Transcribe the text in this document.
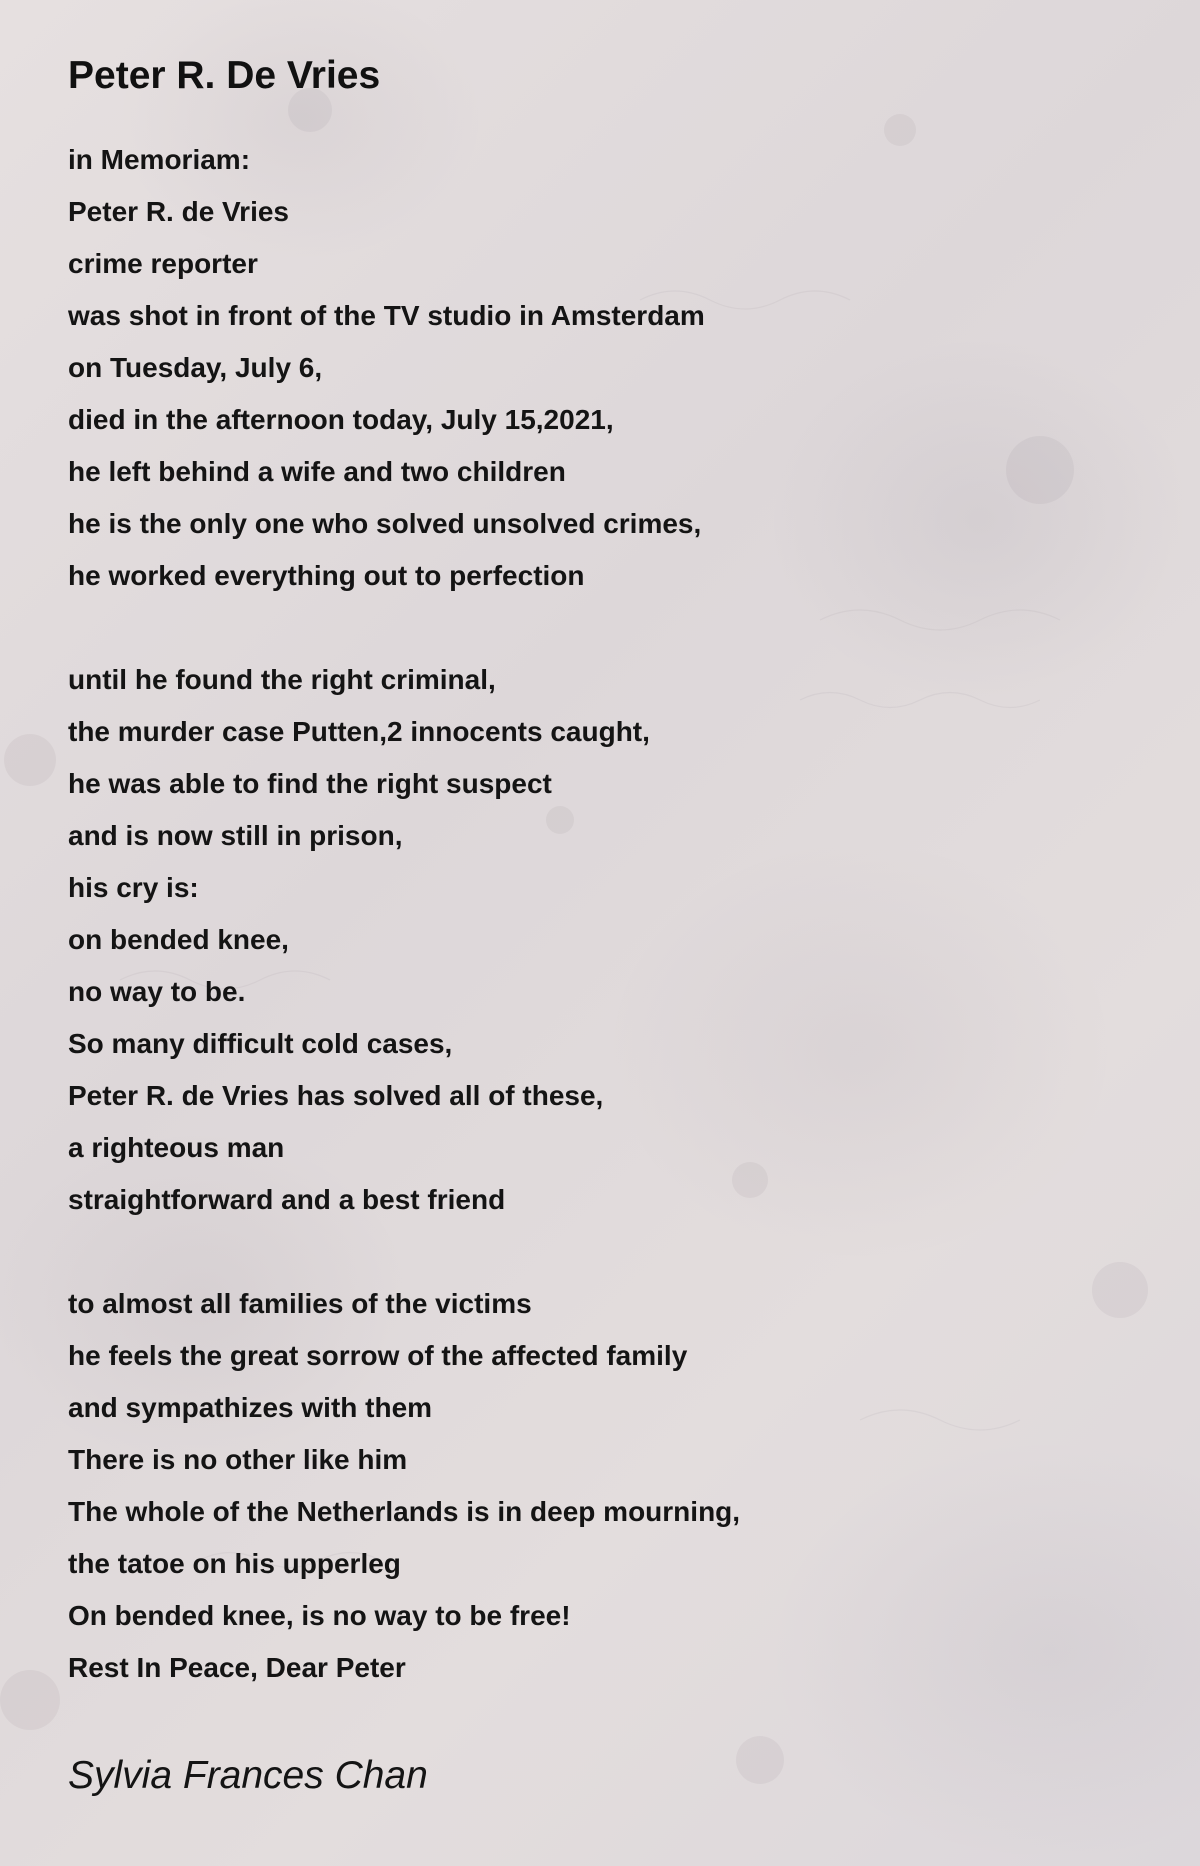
Peter R. De Vries
in Memoriam:
Peter R. de Vries
crime reporter
was shot in front of the TV studio in Amsterdam
on Tuesday, July 6,
died in the afternoon today, July 15,2021,
he left behind a wife and two children
he is the only one who solved unsolved crimes,
he worked everything out to perfection
until he found the right criminal,
the murder case Putten,2 innocents caught,
he was able to find the right suspect
and is now still in prison,
his cry is:
on bended knee,
no way to be.
So many difficult cold cases,
Peter R. de Vries has solved all of these,
a righteous man
straightforward and a best friend
to almost all families of the victims
he feels the great sorrow of the affected family
and sympathizes with them
There is no other like him
The whole of the Netherlands is in deep mourning,
the tatoe on his upperleg
On bended knee, is no way to be free!
Rest In Peace, Dear Peter
Sylvia Frances Chan
